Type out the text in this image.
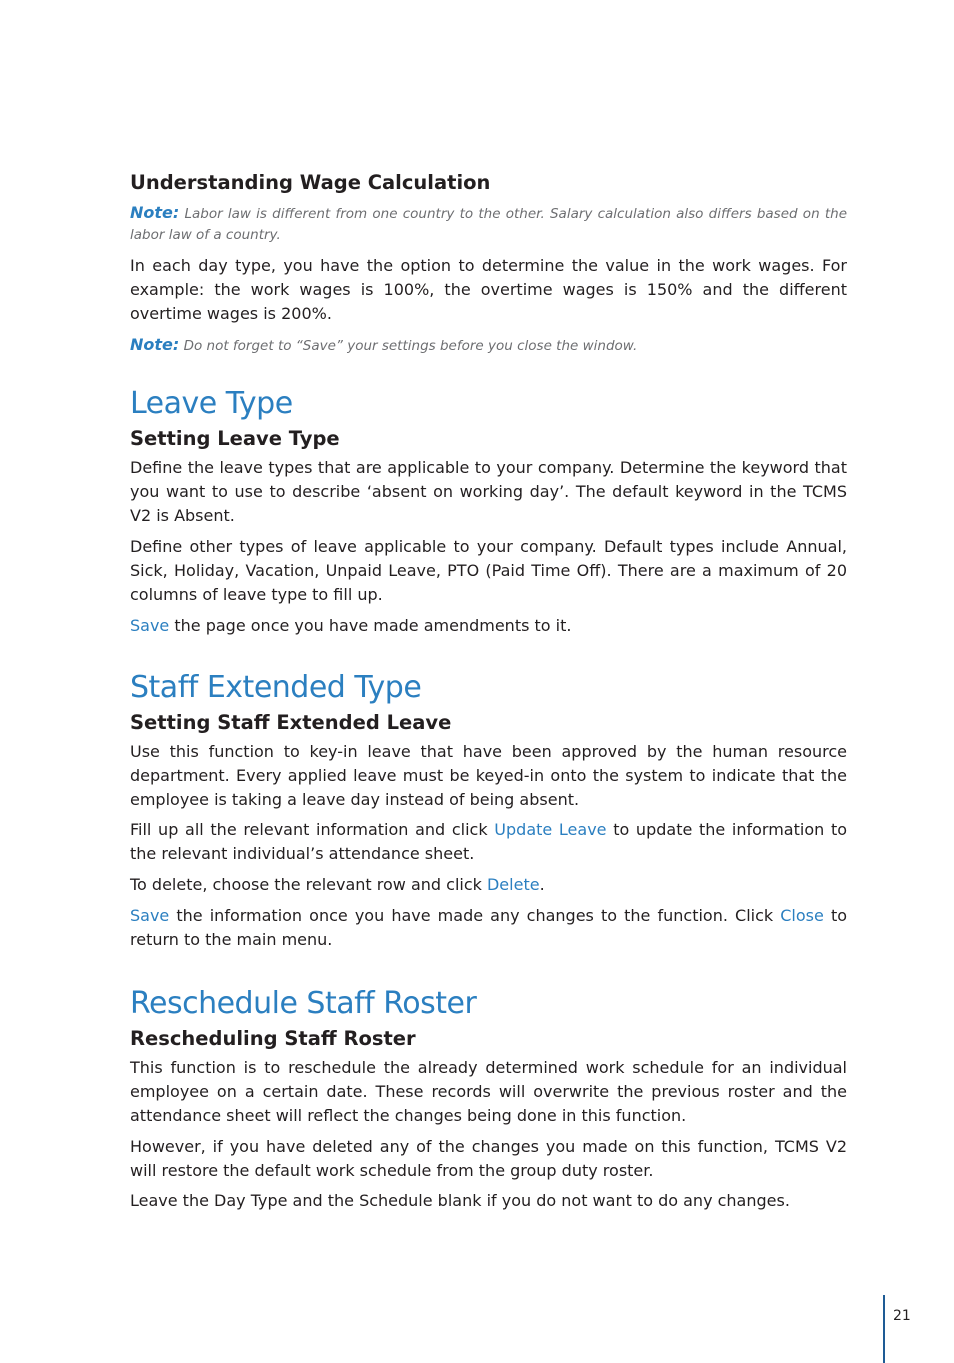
Understanding Wage Calculation

Note: Labor law is different from one country to the other. Salary calculation also differs based on the labor law of a country.

In each day type, you have the option to determine the value in the work wages. For example: the work wages is 100%, the overtime wages is 150% and the different overtime wages is 200%.

Note: Do not forget to “Save” your settings before you close the window.

Leave Type
Setting Leave Type

Define the leave types that are applicable to your company. Determine the keyword that you want to use to describe ‘absent on working day’. The default keyword in the TCMS V2 is Absent.

Define other types of leave applicable to your company. Default types include Annual, Sick, Holiday, Vacation, Unpaid Leave, PTO (Paid Time Off). There are a maximum of 20 columns of leave type to fill up.

Save the page once you have made amendments to it.

Staff Extended Type
Setting Staff Extended Leave

Use this function to key-in leave that have been approved by the human resource department. Every applied leave must be keyed-in onto the system to indicate that the employee is taking a leave day instead of being absent.

Fill up all the relevant information and click Update Leave to update the information to the relevant individual’s attendance sheet.

To delete, choose the relevant row and click Delete.

Save the information once you have made any changes to the function. Click Close to return to the main menu.

Reschedule Staff Roster
Rescheduling Staff Roster

This function is to reschedule the already determined work schedule for an individual employee on a certain date. These records will overwrite the previous roster and the attendance sheet will reflect the changes being done in this function.

However, if you have deleted any of the changes you made on this function, TCMS V2 will restore the default work schedule from the group duty roster.

Leave the Day Type and the Schedule blank if you do not want to do any changes.

21
